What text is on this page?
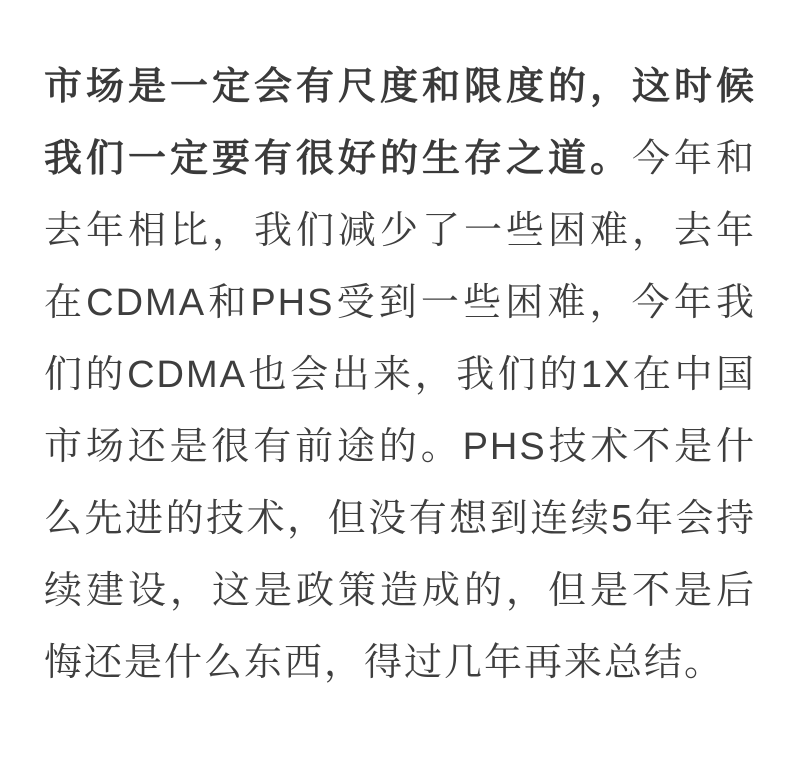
市场是一定会有尺度和限度的，这时候
我们一定要有很好的生存之道。今年和
去年相比，我们减少了一些困难，去年
在CDMA和PHS受到一些困难，今年我
们的CDMA也会出来，我们的1X在中国
市场还是很有前途的。PHS技术不是什
么先进的技术，但没有想到连续5年会持
续建设，这是政策造成的，但是不是后
悔还是什么东西，得过几年再来总结。
